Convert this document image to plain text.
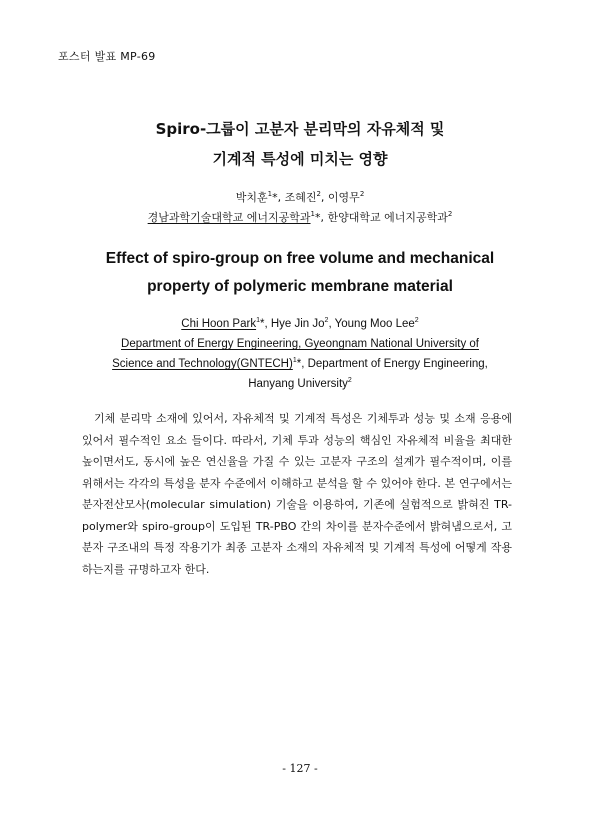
포스터 발표 MP-69
Spiro-그룹이 고분자 분리막의 자유체적 및
기계적 특성에 미치는 영향
박치훈$^1$*, 조혜진$^2$, 이영무$^2$
경남과학기술대학교 에너지공학과$^1$*, 한양대학교 에너지공학과$^2$
Effect of spiro-group on free volume and mechanical
property of polymeric membrane material
Chi Hoon Park$^1$*, Hye Jin Jo$^2$, Young Moo Lee$^2$
Department of Energy Engineering, Gyeongnam National University of
Science and Technology(GNTECH)$^1$*, Department of Energy Engineering,
Hanyang University$^2$
기체 분리막 소재에 있어서, 자유체적 및 기계적 특성은 기체투과 성능 및 소재 응용에 있어서 필수적인 요소 들이다. 따라서, 기체 투과 성능의 핵심인 자유체적 비율을 최대한 높이면서도, 동시에 높은 연신율을 가질 수 있는 고분자 구조의 설계가 필수적이며, 이를 위해서는 각각의 특성을 분자 수준에서 이해하고 분석을 할 수 있어야 한다. 본 연구에서는 분자전산모사(molecular simulation) 기술을 이용하여, 기존에 실험적으로 밝혀진 TR-polymer와 spiro-group이 도입된 TR-PBO 간의 차이를 분자수준에서 밝혀냄으로서, 고분자 구조내의 특정 작용기가 최종 고분자 소재의 자유체적 및 기계적 특성에 어떻게 작용하는지를 규명하고자 한다.
- 127 -
